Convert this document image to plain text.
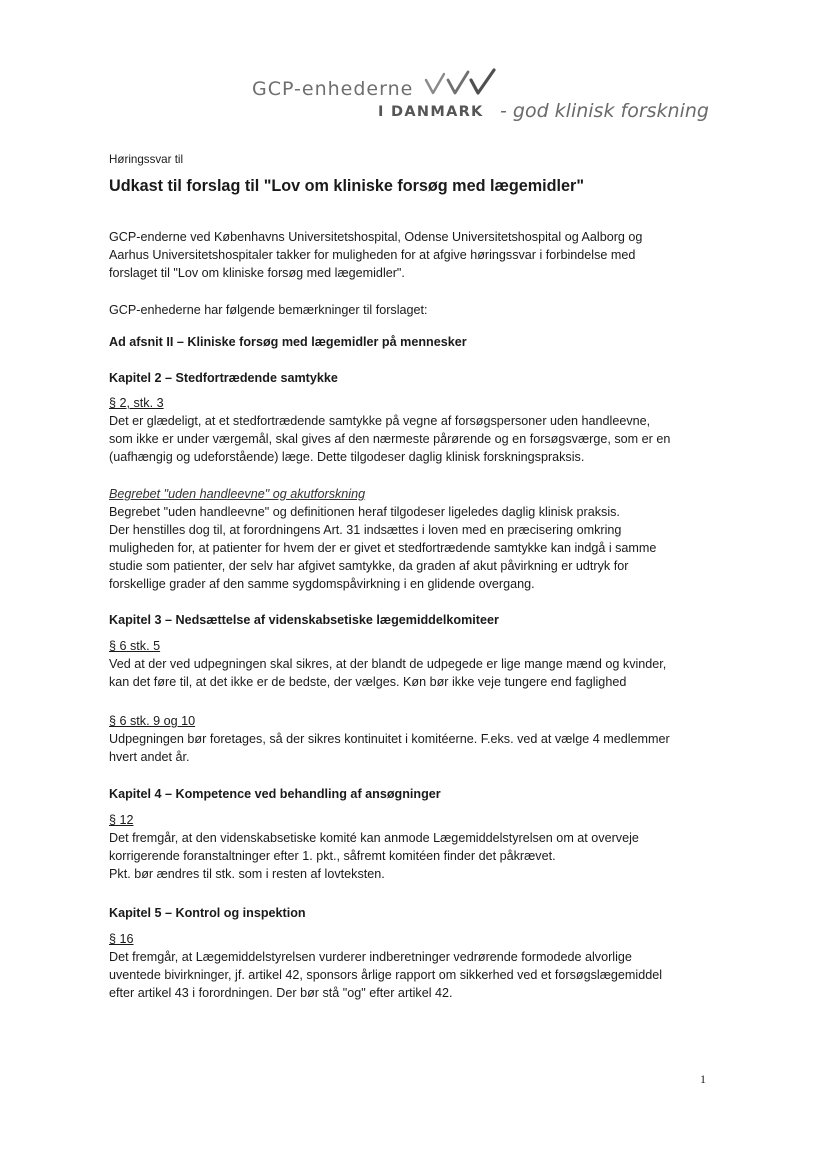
GCP-enhederne
I DANMARK - god klinisk forskning

Høringssvar til

Udkast til forslag til "Lov om kliniske forsøg med lægemidler"

GCP-enderne ved Københavns Universitetshospital, Odense Universitetshospital og Aalborg og

Aarhus Universitetshospitaler takker for muligheden for at afgive høringssvar i forbindelse med

forslaget til "Lov om kliniske forsøg med lægemidler".

GCP-enhederne har følgende bemærkninger til forslaget:

Ad afsnit II – Kliniske forsøg med lægemidler på mennesker

Kapitel 2 – Stedfortrædende samtykke

§ 2, stk. 3

Det er glædeligt, at et stedfortrædende samtykke på vegne af forsøgspersoner uden handleevne,

som ikke er under værgemål, skal gives af den nærmeste pårørende og en forsøgsværge, som er en

(uafhængig og udeforstående) læge. Dette tilgodeser daglig klinisk forskningspraksis.

Begrebet "uden handleevne" og akutforskning

Begrebet "uden handleevne" og definitionen heraf tilgodeser ligeledes daglig klinisk praksis.

Der henstilles dog til, at forordningens Art. 31 indsættes i loven med en præcisering omkring

muligheden for, at patienter for hvem der er givet et stedfortrædende samtykke kan indgå i samme

studie som patienter, der selv har afgivet samtykke, da graden af akut påvirkning er udtryk for

forskellige grader af den samme sygdomspåvirkning i en glidende overgang.

Kapitel 3 – Nedsættelse af videnskabsetiske lægemiddelkomiteer

§ 6 stk. 5

Ved at der ved udpegningen skal sikres, at der blandt de udpegede er lige mange mænd og kvinder,

kan det føre til, at det ikke er de bedste, der vælges. Køn bør ikke veje tungere end faglighed

§ 6 stk. 9 og 10

Udpegningen bør foretages, så der sikres kontinuitet i komitéerne. F.eks. ved at vælge 4 medlemmer

hvert andet år.

Kapitel 4 – Kompetence ved behandling af ansøgninger

§ 12

Det fremgår, at den videnskabsetiske komité kan anmode Lægemiddelstyrelsen om at overveje

korrigerende foranstaltninger efter 1. pkt., såfremt komitéen finder det påkrævet.

Pkt. bør ændres til stk. som i resten af lovteksten.

Kapitel 5 – Kontrol og inspektion

§ 16

Det fremgår, at Lægemiddelstyrelsen vurderer indberetninger vedrørende formodede alvorlige

uventede bivirkninger, jf. artikel 42, sponsors årlige rapport om sikkerhed ved et forsøgslægemiddel

efter artikel 43 i forordningen. Der bør stå "og" efter artikel 42.

1
